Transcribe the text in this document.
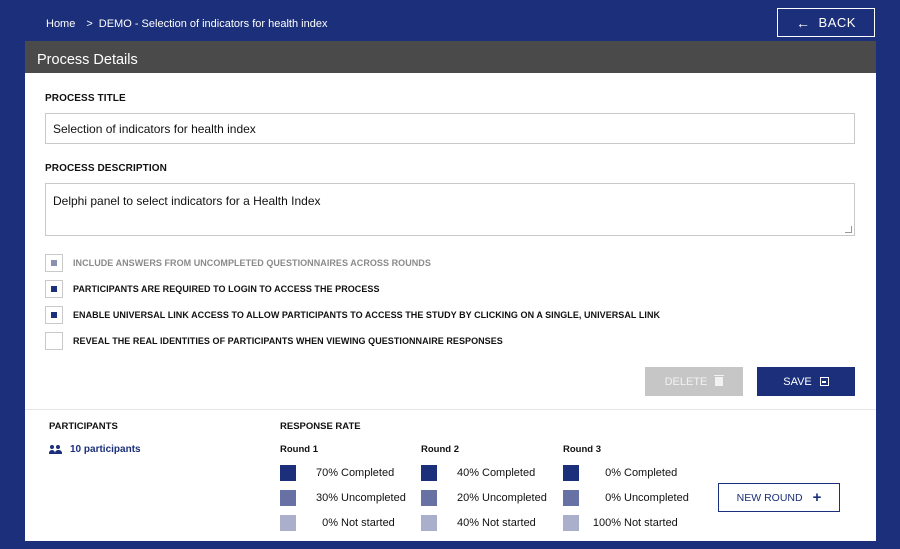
Home > DEMO - Selection of indicators for health index	← BACK
Process Details
PROCESS TITLE
Selection of indicators for health index
PROCESS DESCRIPTION
Delphi panel to select indicators for a Health Index
INCLUDE ANSWERS FROM UNCOMPLETED QUESTIONNAIRES ACROSS ROUNDS
PARTICIPANTS ARE REQUIRED TO LOGIN TO ACCESS THE PROCESS
ENABLE UNIVERSAL LINK ACCESS TO ALLOW PARTICIPANTS TO ACCESS THE STUDY BY CLICKING ON A SINGLE, UNIVERSAL LINK
REVEAL THE REAL IDENTITIES OF PARTICIPANTS WHEN VIEWING QUESTIONNAIRE RESPONSES
DELETE	SAVE
PARTICIPANTS
10 participants
RESPONSE RATE
Round 1
70% Completed
30% Uncompleted
0% Not started
Round 2
40% Completed
20% Uncompleted
40% Not started
Round 3
0% Completed
0% Uncompleted
100% Not started
NEW ROUND +
